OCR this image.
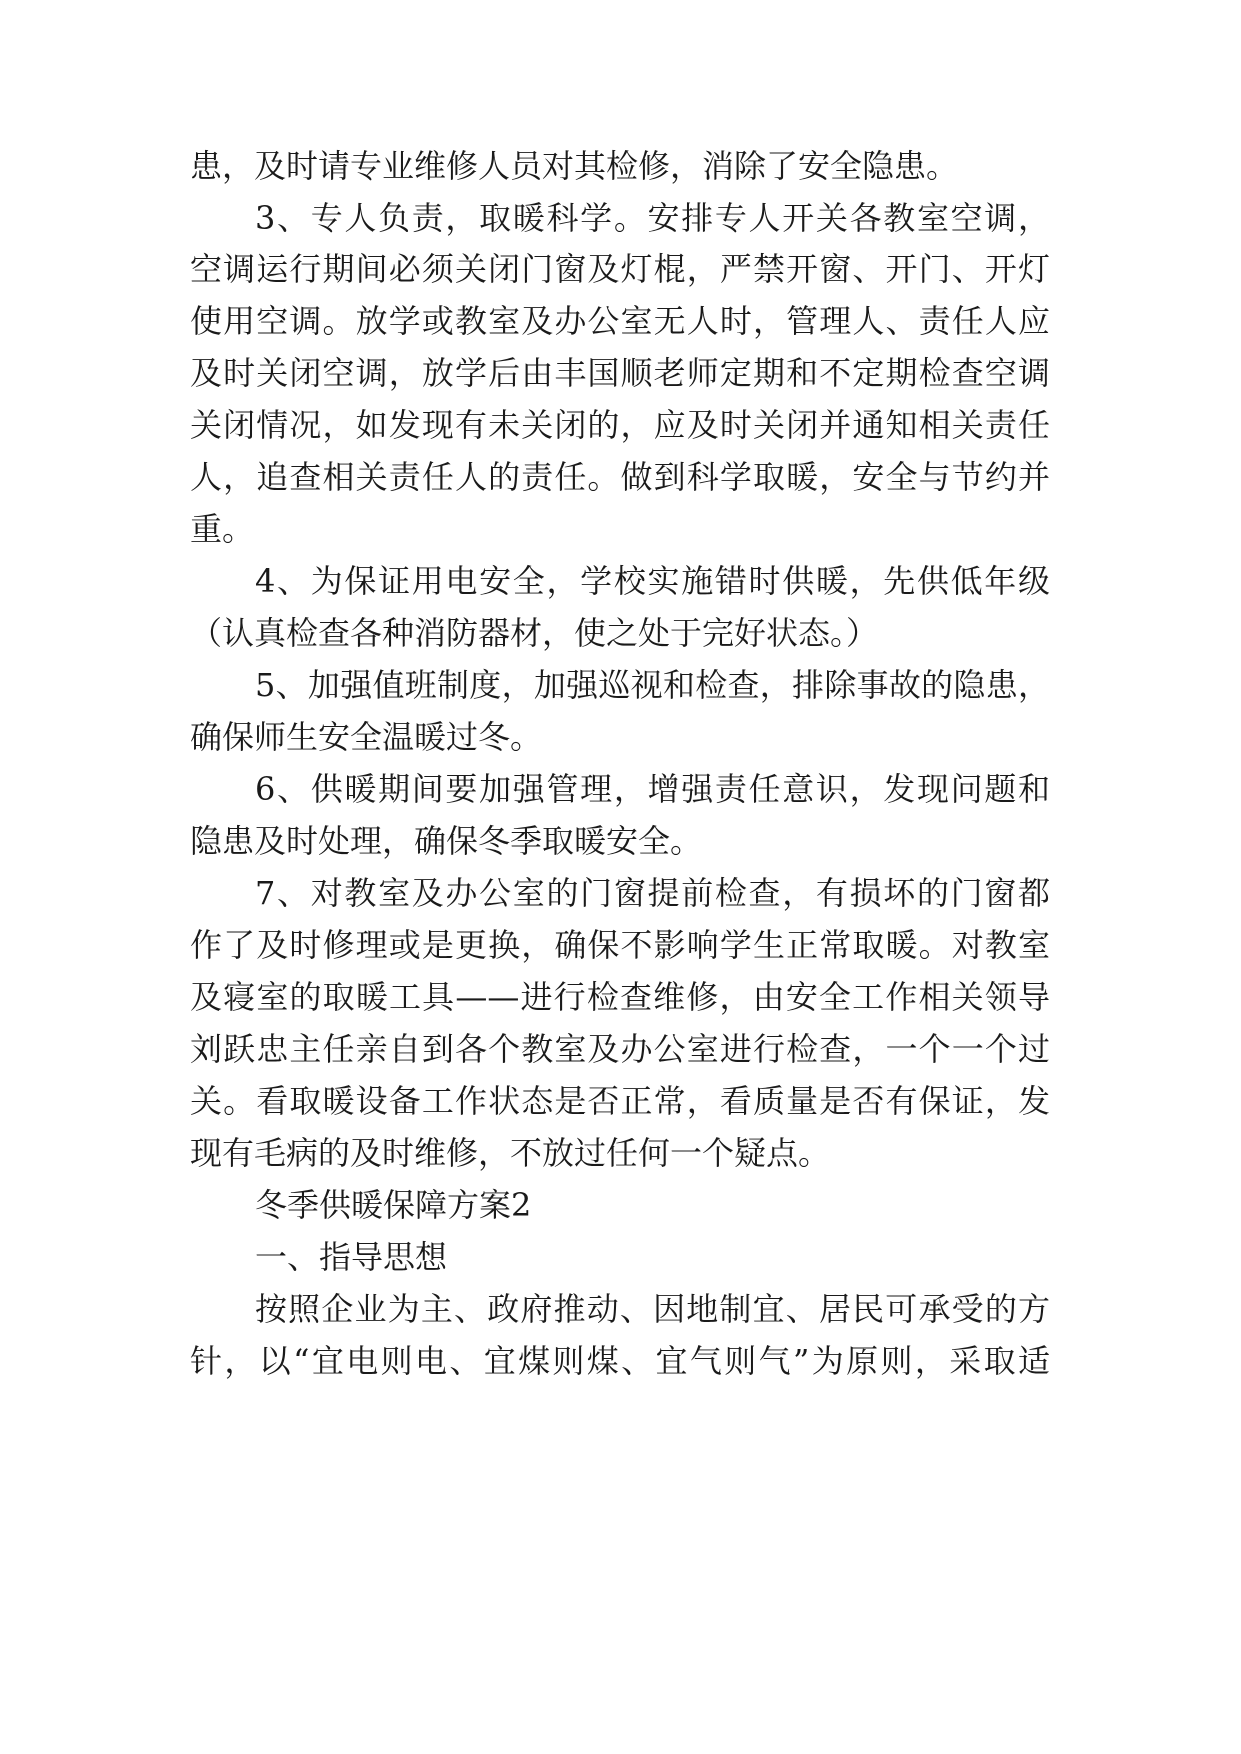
患，及时请专业维修人员对其检修，消除了安全隐患。
3、专人负责，取暖科学。安排专人开关各教室空调，
空调运行期间必须关闭门窗及灯棍，严禁开窗、开门、开灯
使用空调。放学或教室及办公室无人时，管理人、责任人应
及时关闭空调，放学后由丰国顺老师定期和不定期检查空调
关闭情况，如发现有未关闭的，应及时关闭并通知相关责任
人，追查相关责任人的责任。做到科学取暖，安全与节约并
重。
4、为保证用电安全，学校实施错时供暖，先供低年级
（认真检查各种消防器材，使之处于完好状态。）
5、加强值班制度，加强巡视和检查，排除事故的隐患，
确保师生安全温暖过冬。
6、供暖期间要加强管理，增强责任意识，发现问题和
隐患及时处理，确保冬季取暖安全。
7、对教室及办公室的门窗提前检查，有损坏的门窗都
作了及时修理或是更换，确保不影响学生正常取暖。对教室
及寝室的取暖工具——进行检查维修，由安全工作相关领导
刘跃忠主任亲自到各个教室及办公室进行检查，一个一个过
关。看取暖设备工作状态是否正常，看质量是否有保证，发
现有毛病的及时维修，不放过任何一个疑点。
冬季供暖保障方案2
一、指导思想
按照企业为主、政府推动、因地制宜、居民可承受的方
针，以“宜电则电、宜煤则煤、宜气则气”为原则，采取适
